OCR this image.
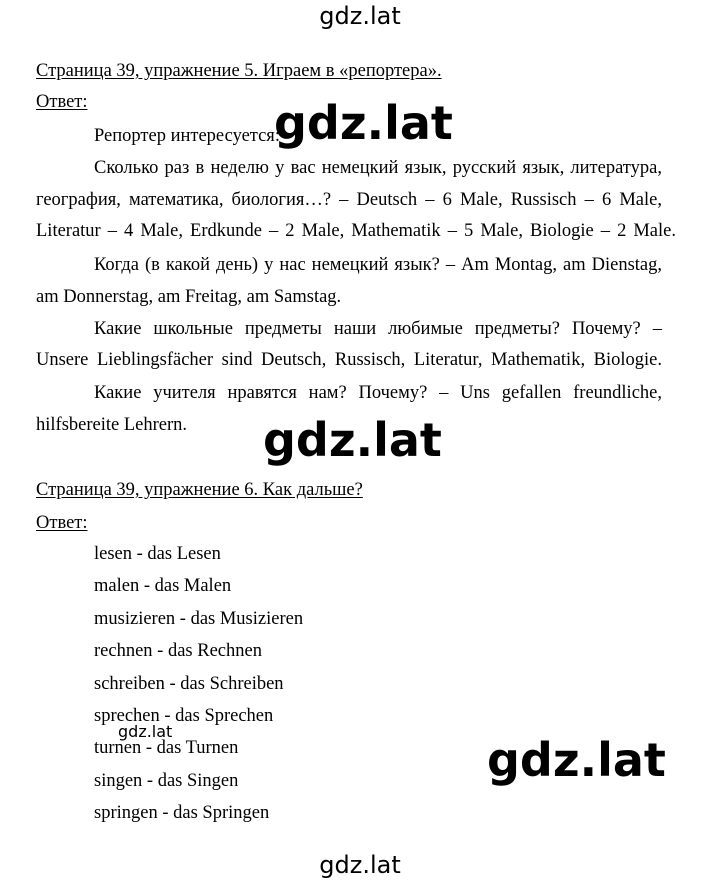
Страница 39, упражнение 5. Играем в «репортера».
Ответ:
Репортер интересуется:
Сколько раз в неделю у вас немецкий язык, русский язык, литература,
география, математика, биология…? – Deutsch – 6 Male, Russisch – 6 Male,
Literatur – 4 Male, Erdkunde – 2 Male, Mathematik – 5 Male, Biologie – 2 Male.
Когда (в какой день) у нас немецкий язык? – Am Montag, am Dienstag,
am Donnerstag, am Freitag, am Samstag.
Какие школьные предметы наши любимые предметы? Почему? –
Unsere Lieblingsfächer sind Deutsch, Russisch, Literatur, Mathematik, Biologie.
Какие учителя нравятся нам? Почему? – Uns gefallen freundliche,
hilfsbereite Lehrern.
Страница 39, упражнение 6. Как дальше?
Ответ:
lesen - das Lesen
malen - das Malen
musizieren - das Musizieren
rechnen - das Rechnen
schreiben - das Schreiben
sprechen - das Sprechen
turnen - das Turnen
singen - das Singen
springen - das Springen
gdz.lat
gdz.lat
gdz.lat
gdz.lat
gdz.lat
gdz.lat
